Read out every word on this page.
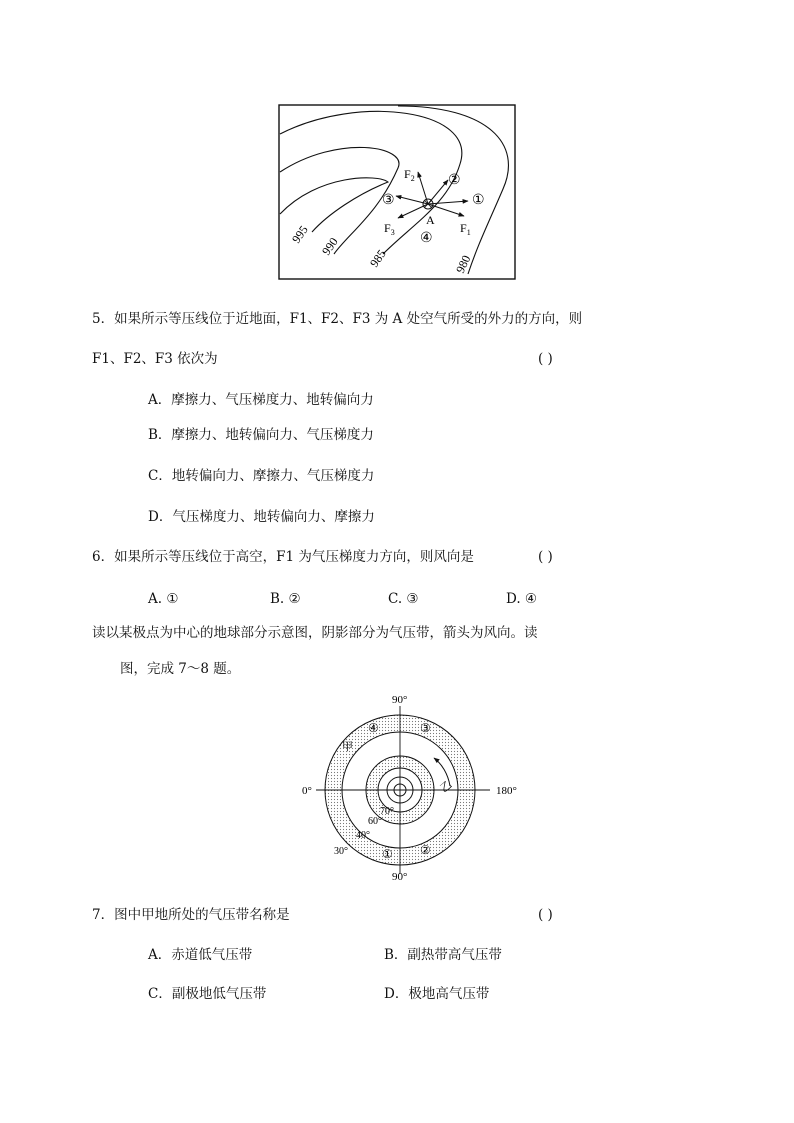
995
990
985	980
A
$F_2$
$F_3$	$F_1$
①
②
③
④
5．如果所示等压线位于近地面，F1、F2、F3 为 A 处空气所受的外力的方向，则
F1、F2、F3 依次为	( )
A．摩擦力、气压梯度力、地转偏向力
B．摩擦力、地转偏向力、气压梯度力
C．地转偏向力、摩擦力、气压梯度力
D．气压梯度力、地转偏向力、摩擦力
6．如果所示等压线位于高空，F1 为气压梯度力方向，则风向是	( )
A. ①	B. ②	C. ③	D. ④
读以某极点为中心的地球部分示意图，阴影部分为气压带，箭头为风向。读
图，完成 7～8 题。
90°
90°
0°	180°
70°
60°
40°
30°
甲
乙
④	③
① ②
7．图中甲地所处的气压带名称是	( )
A．赤道低气压带	B．副热带高气压带
C．副极地低气压带	D．极地高气压带
